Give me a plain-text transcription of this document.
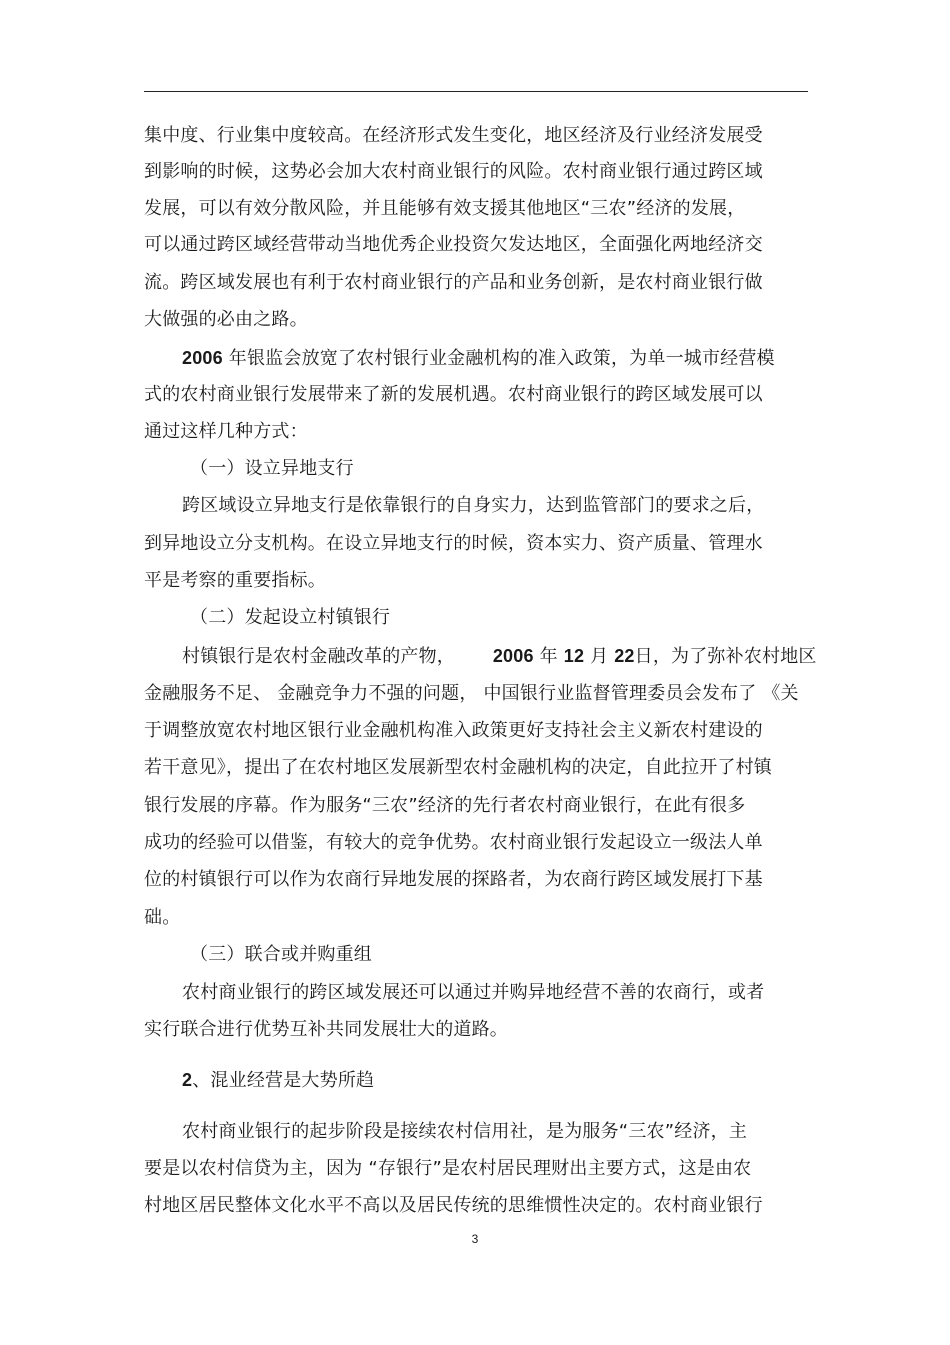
集中度、行业集中度较高。在经济形式发生变化，地区经济及行业经济发展受
到影响的时候，这势必会加大农村商业银行的风险。农村商业银行通过跨区域
发展，可以有效分散风险，并且能够有效支援其他地区“三农”经济的发展，
可以通过跨区域经营带动当地优秀企业投资欠发达地区，全面强化两地经济交
流。跨区域发展也有利于农村商业银行的产品和业务创新，是农村商业银行做
大做强的必由之路。
2006 年银监会放宽了农村银行业金融机构的准入政策，为单一城市经营模
式的农村商业银行发展带来了新的发展机遇。农村商业银行的跨区域发展可以
通过这样几种方式：
（一）设立异地支行
跨区域设立异地支行是依靠银行的自身实力，达到监管部门的要求之后，
到异地设立分支机构。在设立异地支行的时候，资本实力、资产质量、管理水
平是考察的重要指标。
（二）发起设立村镇银行
村镇银行是农村金融改革的产物， 2006 年 12 月 22日，为了弥补农村地区
金融服务不足、 金融竞争力不强的问题， 中国银行业监督管理委员会发布了 《关
于调整放宽农村地区银行业金融机构准入政策更好支持社会主义新农村建设的
若干意见》，提出了在农村地区发展新型农村金融机构的决定，自此拉开了村镇
银行发展的序幕。作为服务“三农”经济的先行者农村商业银行，在此有很多
成功的经验可以借鉴，有较大的竞争优势。农村商业银行发起设立一级法人单
位的村镇银行可以作为农商行异地发展的探路者，为农商行跨区域发展打下基
础。
（三）联合或并购重组
农村商业银行的跨区域发展还可以通过并购异地经营不善的农商行，或者
实行联合进行优势互补共同发展壮大的道路。
2、混业经营是大势所趋
农村商业银行的起步阶段是接续农村信用社，是为服务“三农”经济，主
要是以农村信贷为主，因为 “存银行”是农村居民理财出主要方式，这是由农
村地区居民整体文化水平不高以及居民传统的思维惯性决定的。农村商业银行
3
